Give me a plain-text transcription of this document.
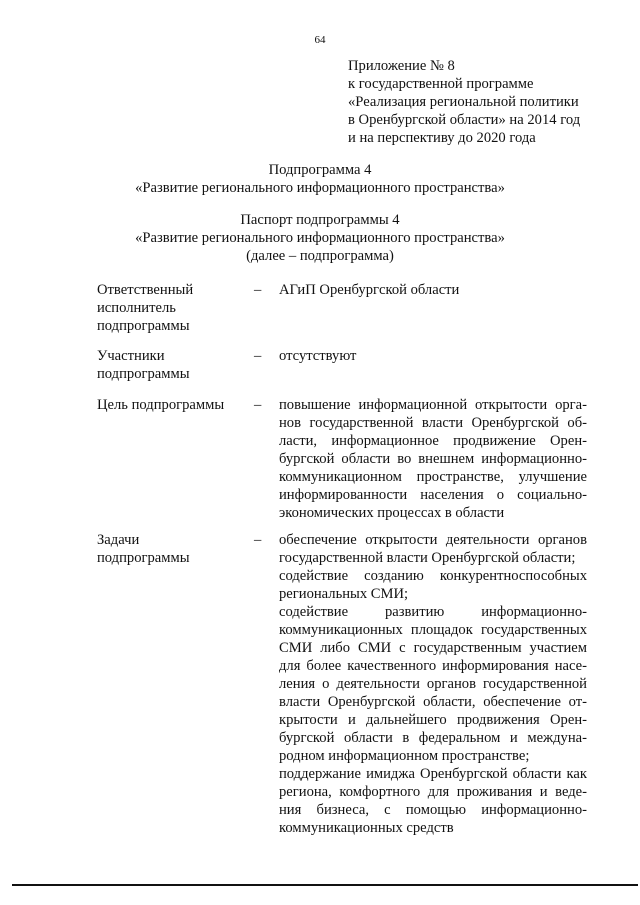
64
Приложение № 8
к государственной программе
«Реализация региональной политики
в Оренбургской области» на 2014 год
и на перспективу до 2020 года
Подпрограмма 4
«Развитие регионального информационного пространства»
Паспорт подпрограммы 4
«Развитие регионального информационного пространства»
(далее – подпрограмма)
Ответственный
исполнитель
подпрограммы
– АГиП Оренбургской области
Участники
подпрограммы
– отсутствуют
Цель подпрограммы	– повышение информационной открытости орга-
нов государственной власти Оренбургской об-
ласти, информационное продвижение Орен-
бургской области во внешнем информационно-
коммуникационном пространстве, улучшение
информированности населения о социально-
экономических процессах в области
Задачи
подпрограммы
– обеспечение открытости деятельности органов
государственной власти Оренбургской области;
содействие созданию конкурентноспособных
региональных СМИ;
содействие развитию информационно-
коммуникационных площадок государственных
СМИ либо СМИ с государственным участием
для более качественного информирования насе-
ления о деятельности органов государственной
власти Оренбургской области, обеспечение от-
крытости и дальнейшего продвижения Орен-
бургской области в федеральном и междуна-
родном информационном пространстве;
поддержание имиджа Оренбургской области как
региона, комфортного для проживания и веде-
ния бизнеса, с помощью информационно-
коммуникационных средств
